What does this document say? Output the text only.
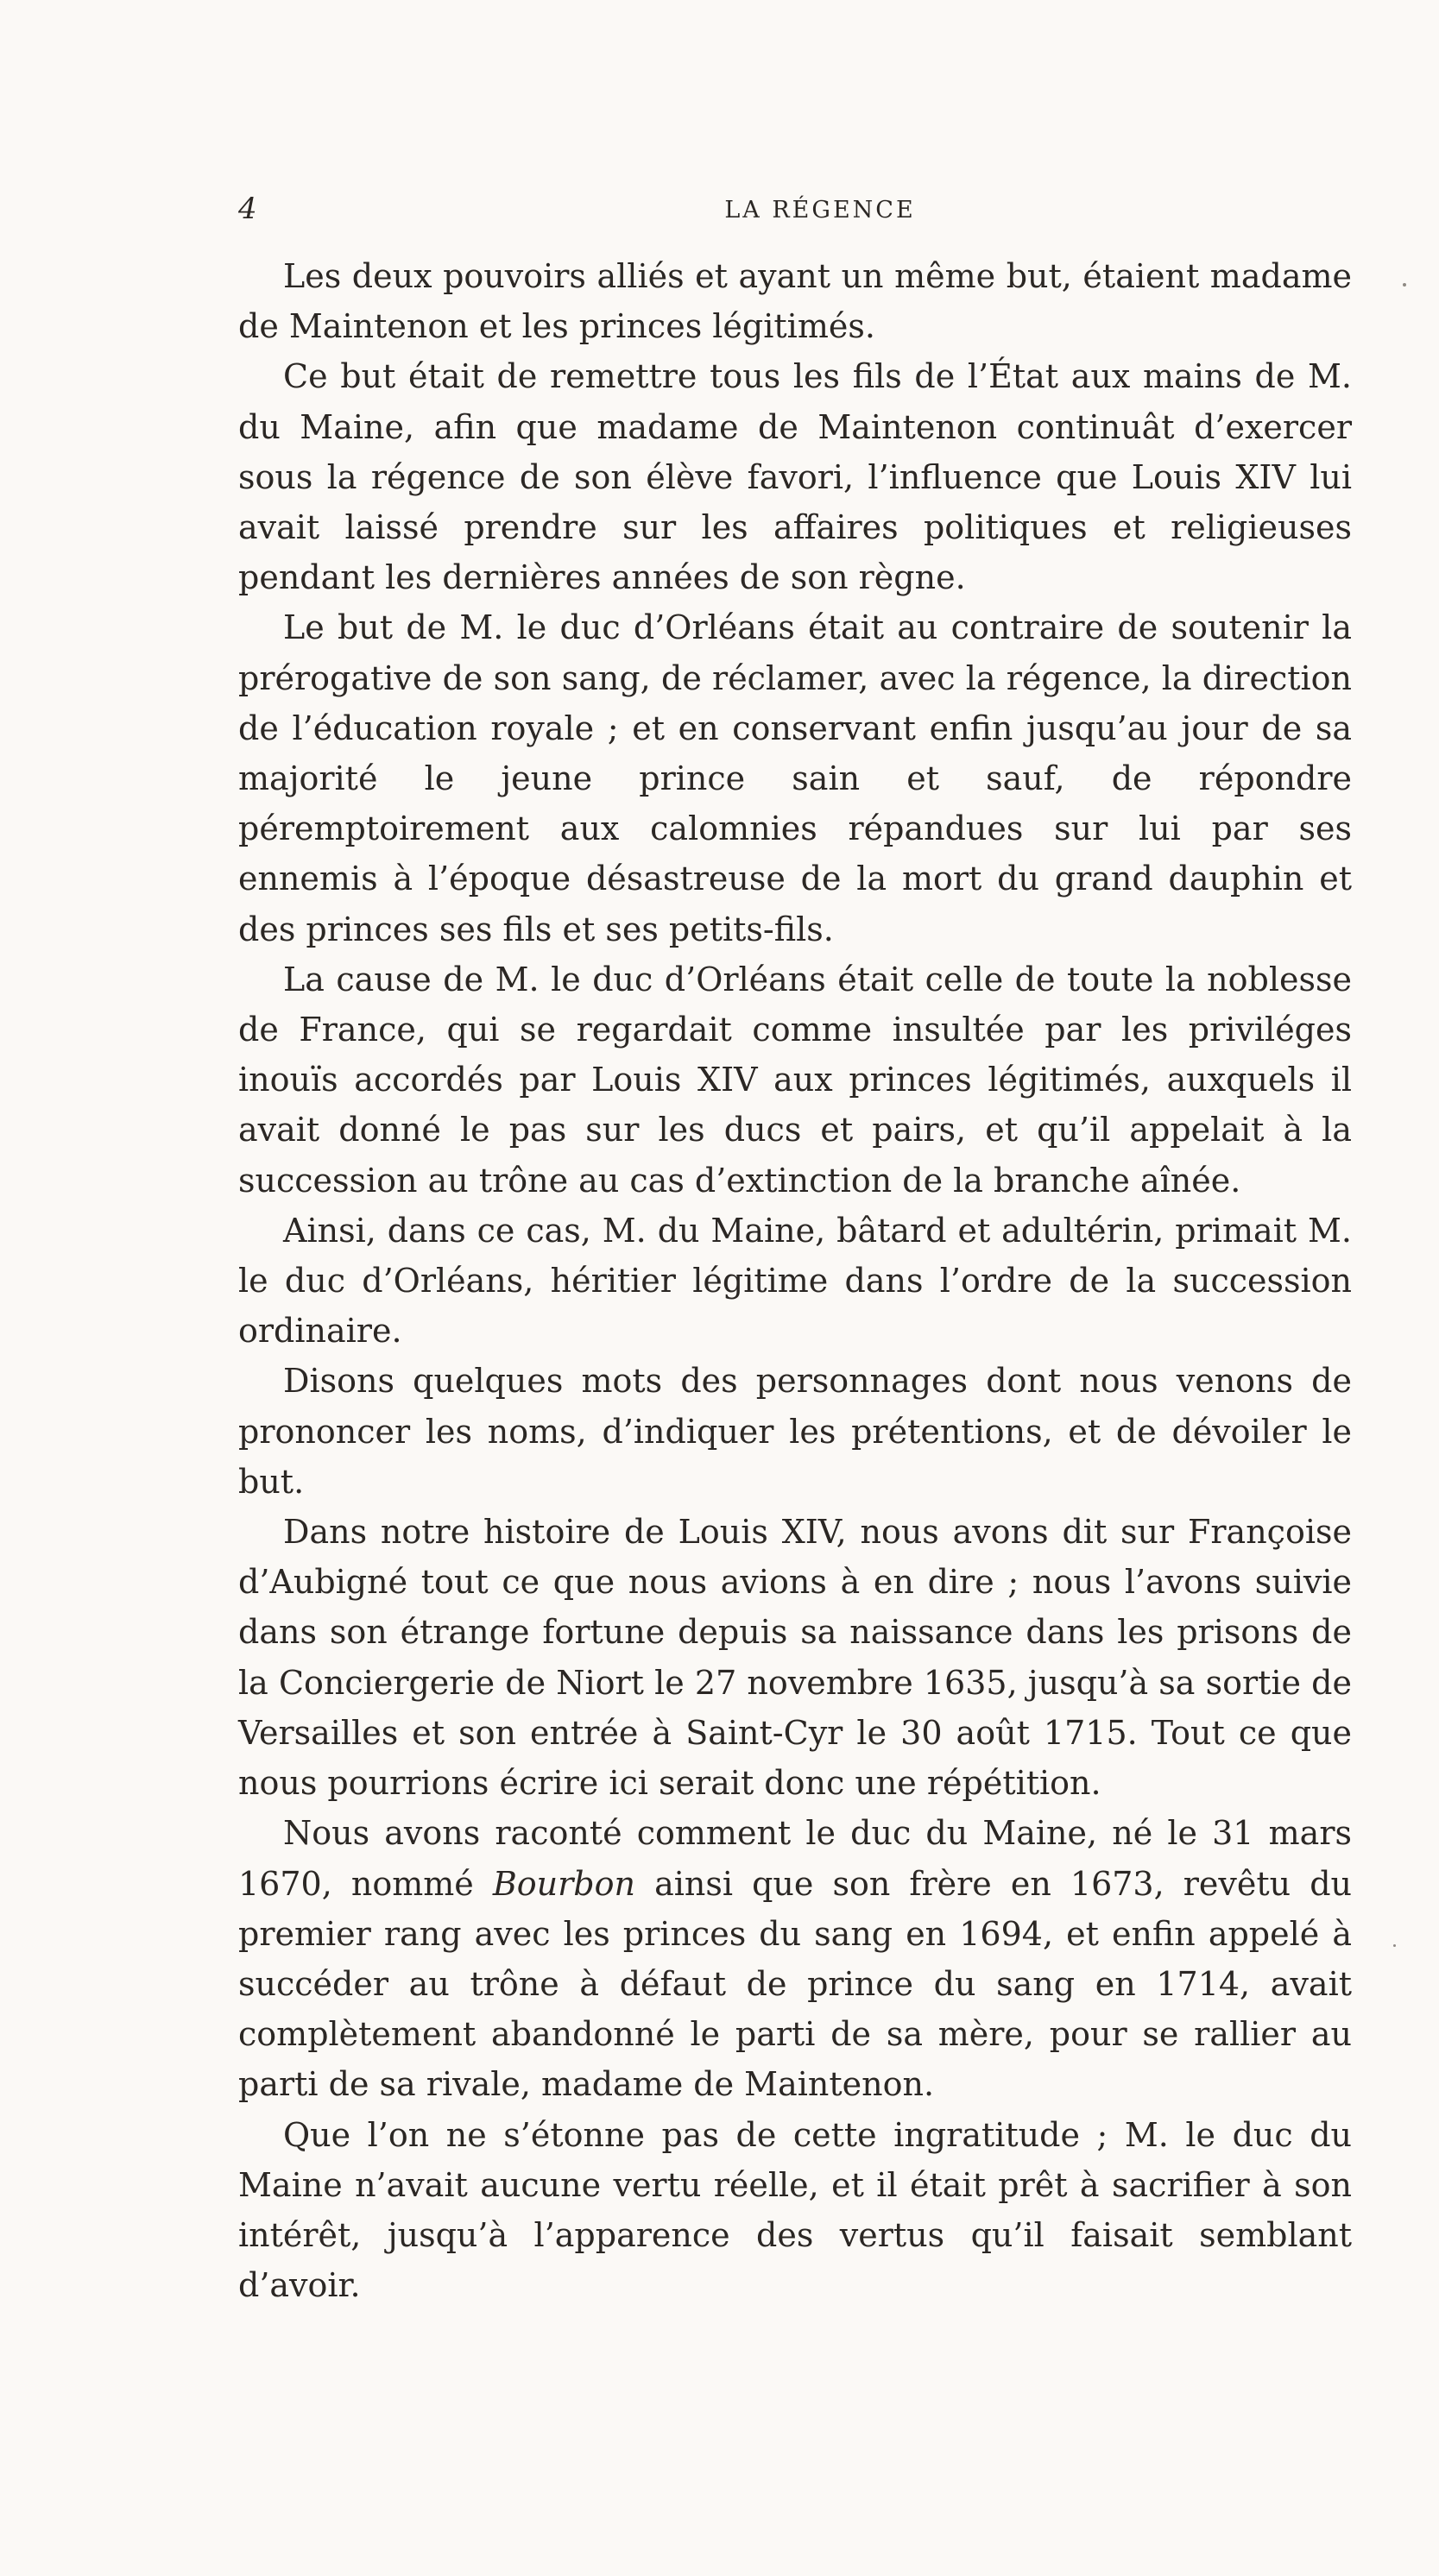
4	LA RÉGENCE

Les deux pouvoirs alliés et ayant un même but, étaient madame de Maintenon et les princes légitimés.

Ce but était de remettre tous les fils de l’État aux mains de M. du Maine, afin que madame de Maintenon continuât d’exercer sous la régence de son élève favori, l’influence que Louis XIV lui avait laissé prendre sur les affaires politiques et religieuses pendant les dernières années de son règne.

Le but de M. le duc d’Orléans était au contraire de soutenir la prérogative de son sang, de réclamer, avec la régence, la direction de l’éducation royale ; et en conservant enfin jusqu’au jour de sa majorité le jeune prince sain et sauf, de répondre péremptoirement aux calomnies répandues sur lui par ses ennemis à l’époque désastreuse de la mort du grand dauphin et des princes ses fils et ses petits-fils.

La cause de M. le duc d’Orléans était celle de toute la noblesse de France, qui se regardait comme insultée par les priviléges inouïs accordés par Louis XIV aux princes légitimés, auxquels il avait donné le pas sur les ducs et pairs, et qu’il appelait à la succession au trône au cas d’extinction de la branche aînée.

Ainsi, dans ce cas, M. du Maine, bâtard et adultérin, primait M. le duc d’Orléans, héritier légitime dans l’ordre de la succession ordinaire.

Disons quelques mots des personnages dont nous venons de prononcer les noms, d’indiquer les prétentions, et de dévoiler le but.

Dans notre histoire de Louis XIV, nous avons dit sur Françoise d’Aubigné tout ce que nous avions à en dire ; nous l’avons suivie dans son étrange fortune depuis sa naissance dans les prisons de la Conciergerie de Niort le 27 novembre 1635, jusqu’à sa sortie de Versailles et son entrée à Saint-Cyr le 30 août 1715. Tout ce que nous pourrions écrire ici serait donc une répétition.

Nous avons raconté comment le duc du Maine, né le 31 mars 1670, nommé Bourbon ainsi que son frère en 1673, revêtu du premier rang avec les princes du sang en 1694, et enfin appelé à succéder au trône à défaut de prince du sang en 1714, avait complètement abandonné le parti de sa mère, pour se rallier au parti de sa rivale, madame de Maintenon.

Que l’on ne s’étonne pas de cette ingratitude ; M. le duc du Maine n’avait aucune vertu réelle, et il était prêt à sacrifier à son intérêt, jusqu’à l’apparence des vertus qu’il faisait semblant d’avoir.
